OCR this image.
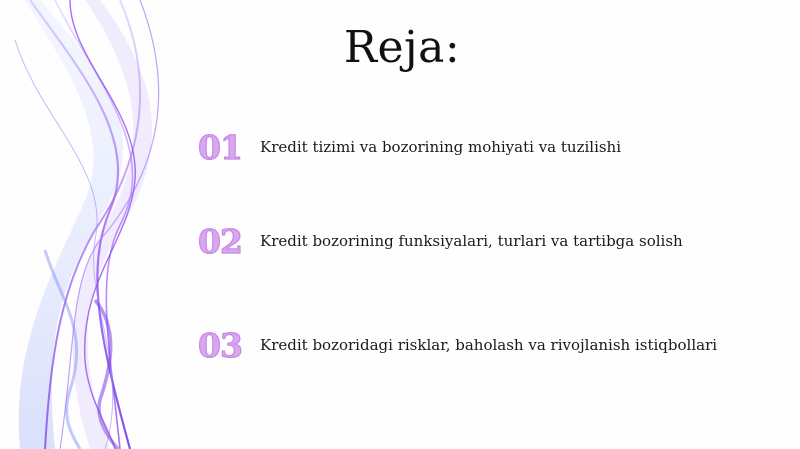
Reja:
01	Kredit tizimi va bozorining mohiyati va tuzilishi
02	Kredit bozorining funksiyalari, turlari va tartibga solish
03	Kredit bozoridagi risklar, baholash va rivojlanish istiqbollari
